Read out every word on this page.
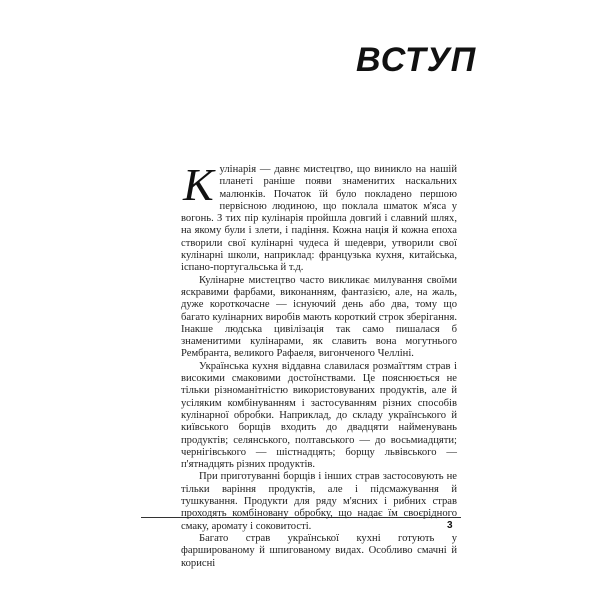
ВСТУП

Кулінарія — давнє мистецтво, що виникло на нашій планеті раніше появи знаменитих наскальних малюнків. Початок їй було покладено першою первісною людиною, що поклала шматок м'яса у вогонь. З тих пір кулінарія пройшла довгий і славний шлях, на якому були і злети, і падіння. Кожна нація й кожна епоха створили свої кулінарні чудеса й шедеври, утворили свої кулінарні школи, наприклад: французька кухня, китайська, іспано-португальська й т.д.

Кулінарне мистецтво часто викликає милування своїми яскравими фарбами, виконанням, фантазією, але, на жаль, дуже короткочасне — існуючий день або два, тому що багато кулінарних виробів мають короткий строк зберігання. Інакше людська цивілізація так само пишалася б знаменитими кулінарами, як славить вона могутнього Рембранта, великого Рафаеля, вигонченого Челліні.

Українська кухня віддавна славилася розмаїттям страв і високими смаковими достоїнствами. Це пояснюється не тільки різноманітністю використовуваних продуктів, але й усіляким комбінуванням і застосуванням різних способів кулінарної обробки. Наприклад, до складу українського й київського борщів входить до двадцяти найменувань продуктів; селянського, полтавського — до восьмиадцяти; чернігівського — шістнадцять; борщу львівського — п'ятнадцять різних продуктів.

При приготуванні борщів і інших страв застосовують не тільки варіння продуктів, але і підсмажування й тушкування. Продукти для ряду м'ясних і рибних страв проходять комбіновану обробку, що надає їм своєрідного смаку, аромату і соковитості.

Багато страв української кухні готують у фаршированому й шпигованому видах. Особливо смачні й корисні

3
